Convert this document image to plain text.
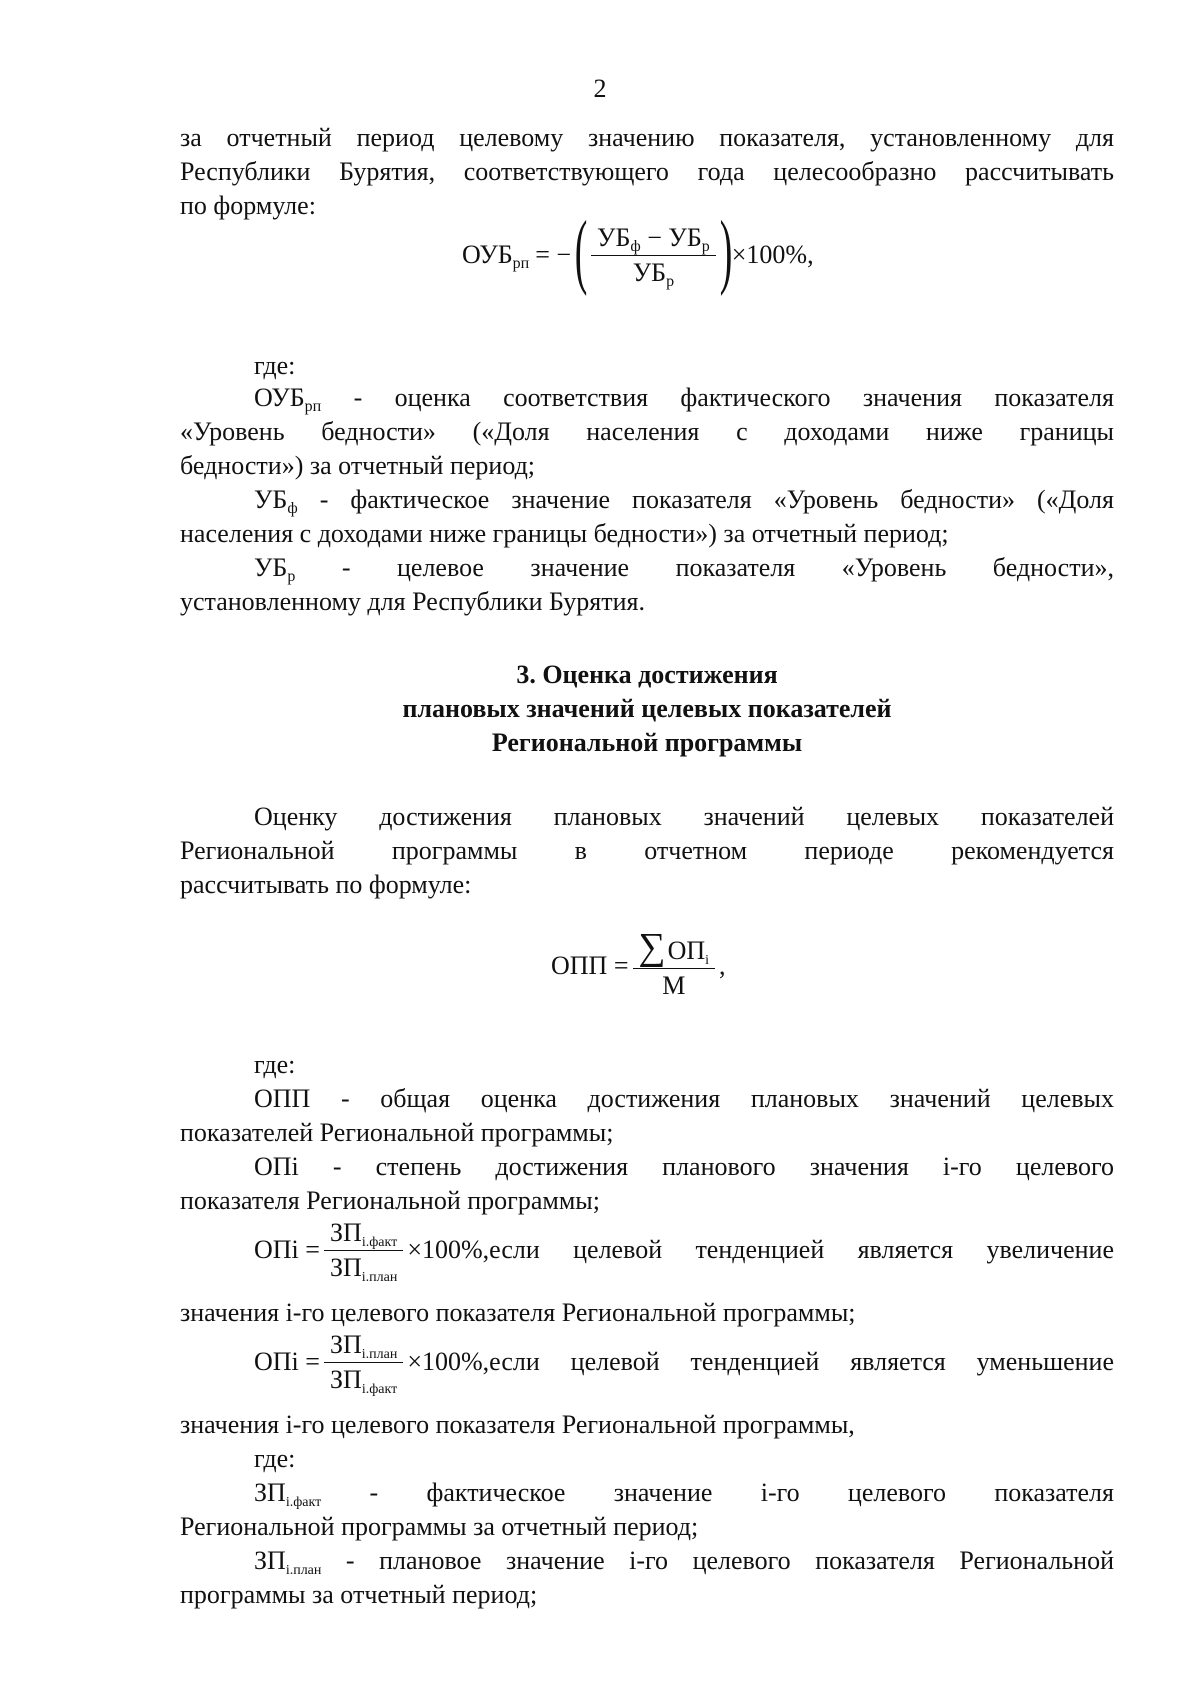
2
за отчетный период целевому значению показателя, установленному для
Республики Бурятия, соответствующего года целесообразно рассчитывать
по формуле:
$ОУБ_{рп}$ = − ( $\frac{УБ_ф - УБ_р}{УБ_р}$ ) ×100%,
где:
$ОУБ_{рп}$ - оценка соответствия фактического значения показателя
«Уровень бедности» («Доля населения с доходами ниже границы
бедности») за отчетный период;
$УБ_ф$ - фактическое значение показателя «Уровень бедности» («Доля
населения с доходами ниже границы бедности») за отчетный период;
$УБ_р$ - целевое значение показателя «Уровень бедности»,
установленному для Республики Бурятия.
3. Оценка достижения
плановых значений целевых показателей
Региональной программы
Оценку достижения плановых значений целевых показателей
Региональной программы в отчетном периоде рекомендуется
рассчитывать по формуле:
ОПП = $\frac{\sum ОП_i}{М}$ ,
где:
ОПП - общая оценка достижения плановых значений целевых
показателей Региональной программы;
ОПi - степень достижения планового значения i-го целевого
показателя Региональной программы;
ОПi = $\frac{ЗП_{i.факт}}{ЗП_{i.план}} \times 100\%$, если целевой тенденцией является увеличение
значения i-го целевого показателя Региональной программы;
ОПi = $\frac{ЗП_{i.план}}{ЗП_{i.факт}} \times 100\%$, если целевой тенденцией является уменьшение
значения i-го целевого показателя Региональной программы,
где:
$ЗП_{i.факт}$ - фактическое значение i-го целевого показателя
Региональной программы за отчетный период;
$ЗП_{i.план}$ - плановое значение i-го целевого показателя Региональной
программы за отчетный период;
